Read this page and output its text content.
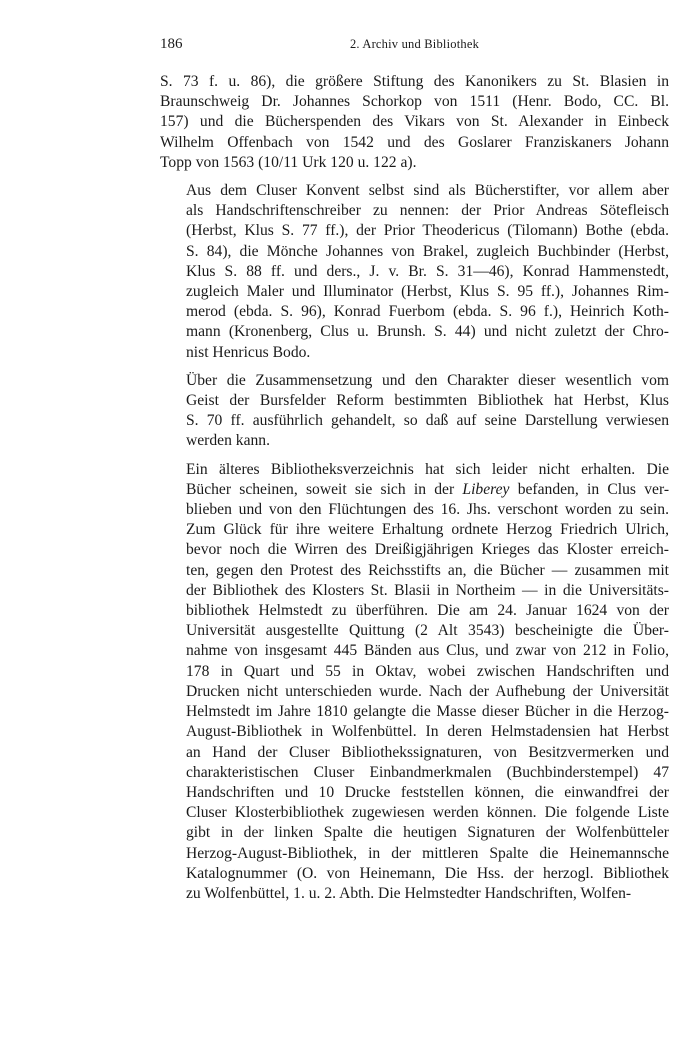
186	2. Archiv und Bibliothek

S. 73 f. u. 86), die größere Stiftung des Kanonikers zu St. Blasien in
Braunschweig Dr. Johannes Schorkop von 1511 (Henr. Bodo, CC. Bl.
157) und die Bücherspenden des Vikars von St. Alexander in Einbeck
Wilhelm Offenbach von 1542 und des Goslarer Franziskaners Johann
Topp von 1563 (10/11 Urk 120 u. 122 a).

Aus dem Cluser Konvent selbst sind als Bücherstifter, vor allem aber
als Handschriftenschreiber zu nennen: der Prior Andreas Sötefleisch
(Herbst, Klus S. 77 ff.), der Prior Theodericus (Tilomann) Bothe (ebda.
S. 84), die Mönche Johannes von Brakel, zugleich Buchbinder (Herbst,
Klus S. 88 ff. und ders., J. v. Br. S. 31—46), Konrad Hammenstedt,
zugleich Maler und Illuminator (Herbst, Klus S. 95 ff.), Johannes Rim-
merod (ebda. S. 96), Konrad Fuerbom (ebda. S. 96 f.), Heinrich Koth-
mann (Kronenberg, Clus u. Brunsh. S. 44) und nicht zuletzt der Chro-
nist Henricus Bodo.

Über die Zusammensetzung und den Charakter dieser wesentlich vom
Geist der Bursfelder Reform bestimmten Bibliothek hat Herbst, Klus
S. 70 ff. ausführlich gehandelt, so daß auf seine Darstellung verwiesen
werden kann.

Ein älteres Bibliotheksverzeichnis hat sich leider nicht erhalten. Die
Bücher scheinen, soweit sie sich in der Liberey befanden, in Clus ver-
blieben und von den Flüchtungen des 16. Jhs. verschont worden zu sein.
Zum Glück für ihre weitere Erhaltung ordnete Herzog Friedrich Ulrich,
bevor noch die Wirren des Dreißigjährigen Krieges das Kloster erreich-
ten, gegen den Protest des Reichsstifts an, die Bücher — zusammen mit
der Bibliothek des Klosters St. Blasii in Northeim — in die Universitäts-
bibliothek Helmstedt zu überführen. Die am 24. Januar 1624 von der
Universität ausgestellte Quittung (2 Alt 3543) bescheinigte die Über-
nahme von insgesamt 445 Bänden aus Clus, und zwar von 212 in Folio,
178 in Quart und 55 in Oktav, wobei zwischen Handschriften und
Drucken nicht unterschieden wurde. Nach der Aufhebung der Universität
Helmstedt im Jahre 1810 gelangte die Masse dieser Bücher in die Herzog-
August-Bibliothek in Wolfenbüttel. In deren Helmstadensien hat Herbst
an Hand der Cluser Bibliothekssignaturen, von Besitzvermerken und
charakteristischen Cluser Einbandmerkmalen (Buchbinderstempel) 47
Handschriften und 10 Drucke feststellen können, die einwandfrei der
Cluser Klosterbibliothek zugewiesen werden können. Die folgende Liste
gibt in der linken Spalte die heutigen Signaturen der Wolfenbütteler
Herzog-August-Bibliothek, in der mittleren Spalte die Heinemannsche
Katalognummer (O. von Heinemann, Die Hss. der herzogl. Bibliothek
zu Wolfenbüttel, 1. u. 2. Abth. Die Helmstedter Handschriften, Wolfen-
